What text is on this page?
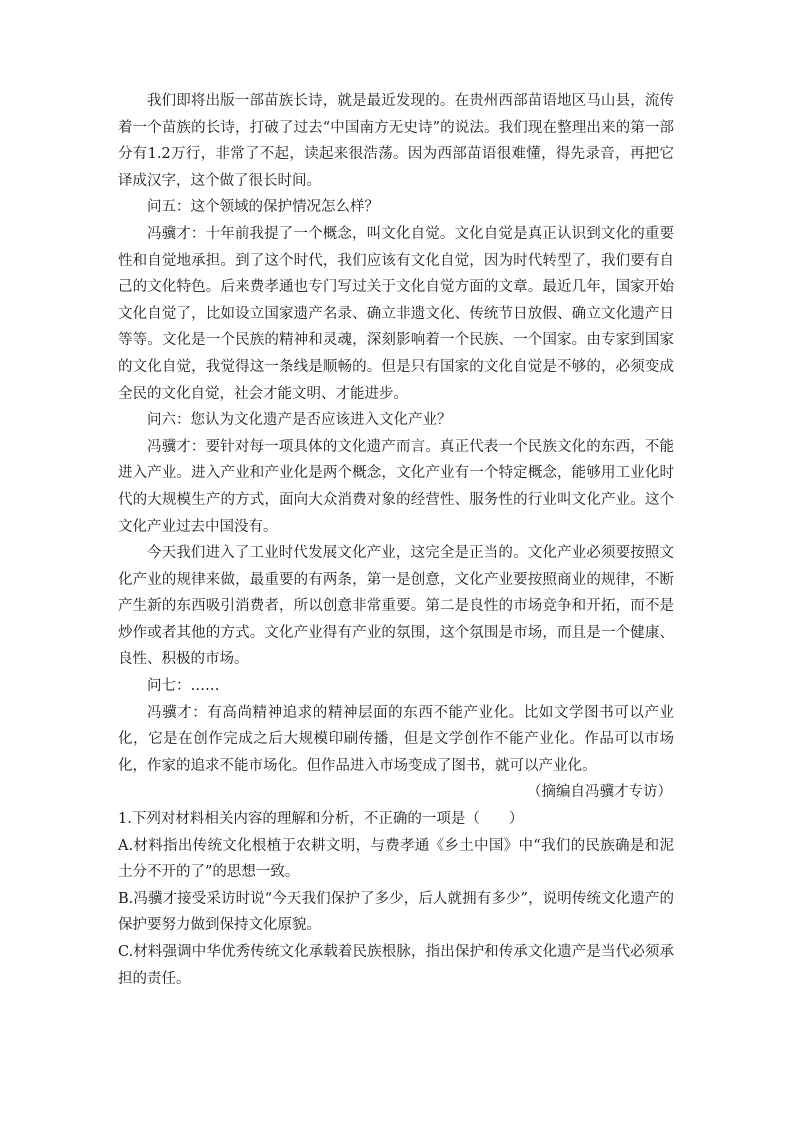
我们即将出版一部苗族长诗，就是最近发现的。在贵州西部苗语地区马山县，流传着一个苗族的长诗，打破了过去“中国南方无史诗”的说法。我们现在整理出来的第一部分有1.2万行，非常了不起，读起来很浩荡。因为西部苗语很难懂，得先录音，再把它译成汉字，这个做了很长时间。

问五：这个领域的保护情况怎么样？

冯骥才：十年前我提了一个概念，叫文化自觉。文化自觉是真正认识到文化的重要性和自觉地承担。到了这个时代，我们应该有文化自觉，因为时代转型了，我们要有自己的文化特色。后来费孝通也专门写过关于文化自觉方面的文章。最近几年，国家开始文化自觉了，比如设立国家遗产名录、确立非遗文化、传统节日放假、确立文化遗产日等等。文化是一个民族的精神和灵魂，深刻影响着一个民族、一个国家。由专家到国家的文化自觉，我觉得这一条线是顺畅的。但是只有国家的文化自觉是不够的，必须变成全民的文化自觉，社会才能文明、才能进步。

问六：您认为文化遗产是否应该进入文化产业？

冯骥才：要针对每一项具体的文化遗产而言。真正代表一个民族文化的东西，不能进入产业。进入产业和产业化是两个概念，文化产业有一个特定概念，能够用工业化时代的大规模生产的方式，面向大众消费对象的经营性、服务性的行业叫文化产业。这个文化产业过去中国没有。

今天我们进入了工业时代发展文化产业，这完全是正当的。文化产业必须要按照文化产业的规律来做，最重要的有两条，第一是创意，文化产业要按照商业的规律，不断产生新的东西吸引消费者，所以创意非常重要。第二是良性的市场竞争和开拓，而不是炒作或者其他的方式。文化产业得有产业的氛围，这个氛围是市场，而且是一个健康、良性、积极的市场。

问七：……

冯骥才：有高尚精神追求的精神层面的东西不能产业化。比如文学图书可以产业化，它是在创作完成之后大规模印刷传播，但是文学创作不能产业化。作品可以市场化，作家的追求不能市场化。但作品进入市场变成了图书，就可以产业化。

（摘编自冯骥才专访）

1.下列对材料相关内容的理解和分析，不正确的一项是（　　）

A.材料指出传统文化根植于农耕文明，与费孝通《乡土中国》中“我们的民族确是和泥土分不开的了”的思想一致。

B.冯骥才接受采访时说“今天我们保护了多少，后人就拥有多少”，说明传统文化遗产的保护要努力做到保持文化原貌。

C.材料强调中华优秀传统文化承载着民族根脉，指出保护和传承文化遗产是当代必须承担的责任。
